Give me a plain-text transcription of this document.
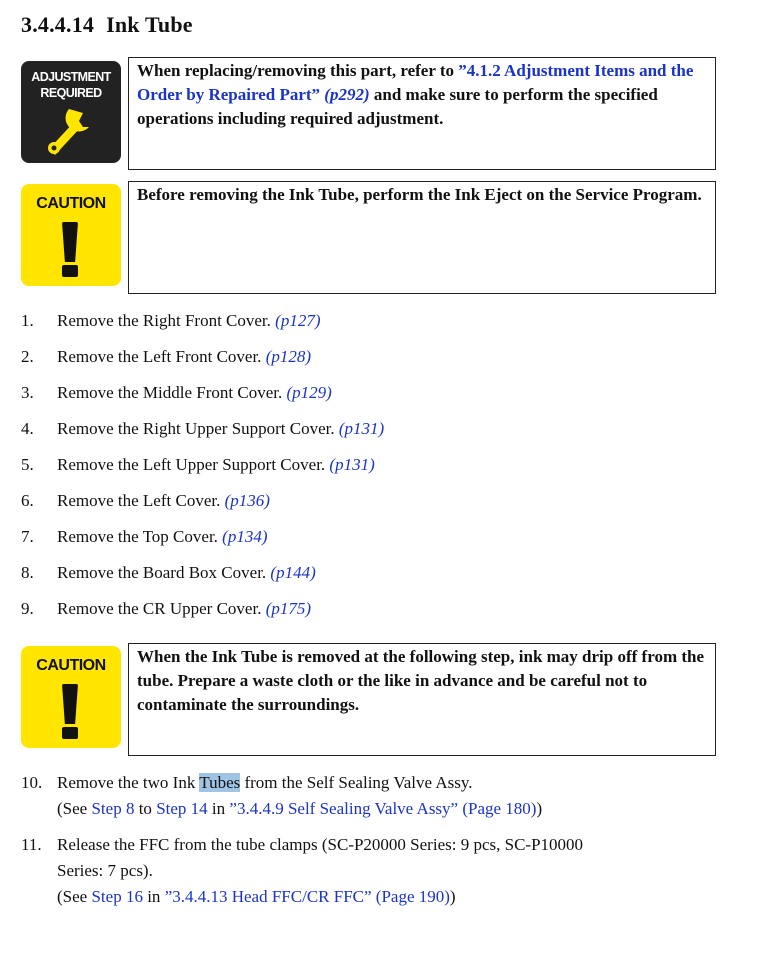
3.4.4.14 Ink Tube
ADJUSTMENT
REQUIRED
When replacing/removing this part, refer to ”4.1.2 Adjustment Items and the Order by Repaired Part” (p292) and make sure to perform the specified operations including required adjustment.
CAUTION	Before removing the Ink Tube, perform the Ink Eject on the Service Program.
1. Remove the Right Front Cover. (p127)
2. Remove the Left Front Cover. (p128)
3. Remove the Middle Front Cover. (p129)
4. Remove the Right Upper Support Cover. (p131)
5. Remove the Left Upper Support Cover. (p131)
6. Remove the Left Cover. (p136)
7. Remove the Top Cover. (p134)
8. Remove the Board Box Cover. (p144)
9. Remove the CR Upper Cover. (p175)
CAUTION	When the Ink Tube is removed at the following step, ink may drip off from the tube. Prepare a waste cloth or the like in advance and be careful not to contaminate the surroundings.
10. Remove the two Ink Tubes from the Self Sealing Valve Assy.
(See Step 8 to Step 14 in ”3.4.4.9 Self Sealing Valve Assy” (Page 180))
11. Release the FFC from the tube clamps (SC-P20000 Series: 9 pcs, SC-P10000
Series: 7 pcs).
(See Step 16 in ”3.4.4.13 Head FFC/CR FFC” (Page 190))
